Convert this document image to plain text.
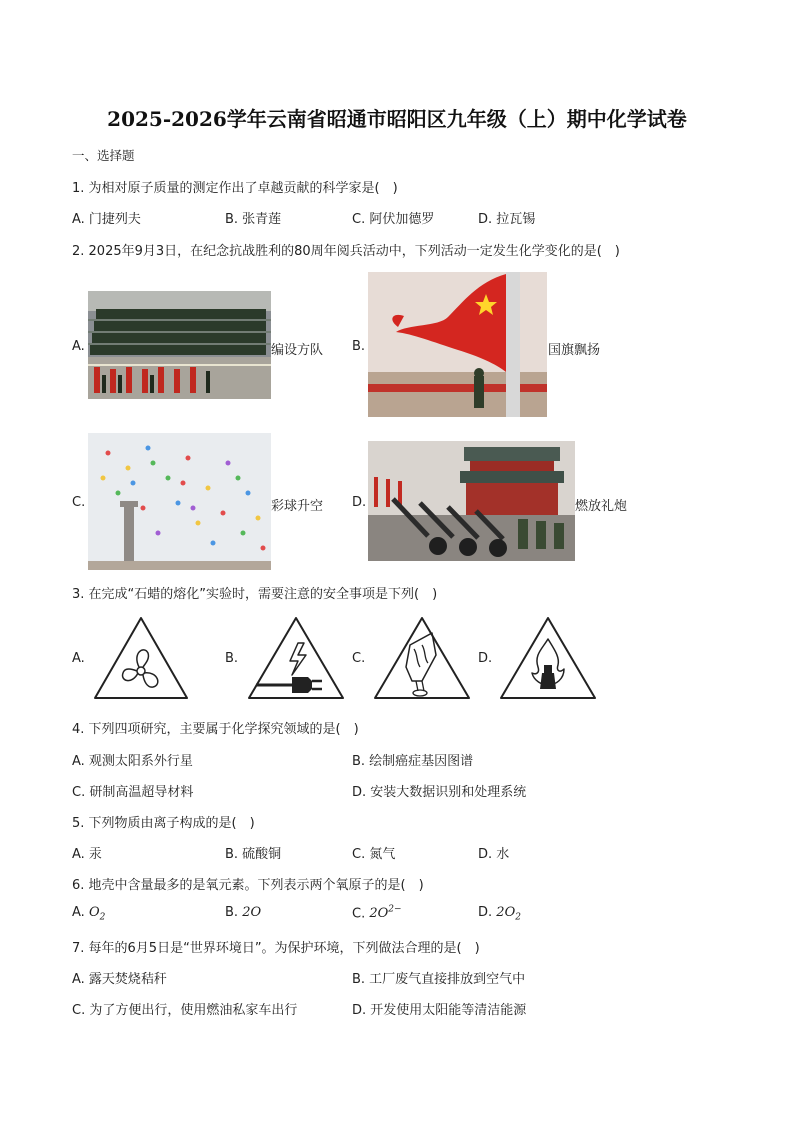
2025-2026学年云南省昭通市昭阳区九年级（上）期中化学试卷
一、选择题
1. 为相对原子质量的测定作出了卓越贡献的科学家是(　)
A. 门捷列夫	B. 张青莲	C. 阿伏加德罗	D. 拉瓦锡
2. 2025年9月3日，在纪念抗战胜利的80周年阅兵活动中，下列活动一定发生化学变化的是(　)
A.	编设方队 B.	国旗飘扬
C.	彩球升空 D.	燃放礼炮
3. 在完成“石蜡的熔化”实验时，需要注意的安全事项是下列(　)
A.	B.	C.	D.
4. 下列四项研究，主要属于化学探究领域的是(　)
A. 观测太阳系外行星	B. 绘制癌症基因图谱
C. 研制高温超导材料	D. 安装大数据识别和处理系统
5. 下列物质由离子构成的是(　)
A. 汞	B. 硫酸铜	C. 氮气	D. 水
6. 地壳中含量最多的是氧元素。下列表示两个氧原子的是(　)
A. $O_2$	B. 2O	C. $2O^{2-}$	D. $2O_2$
7. 每年的6月5日是“世界环境日”。为保护环境，下列做法合理的是(　)
A. 露天焚烧秸秆	B. 工厂废气直接排放到空气中
C. 为了方便出行，使用燃油私家车出行	D. 开发使用太阳能等清洁能源
